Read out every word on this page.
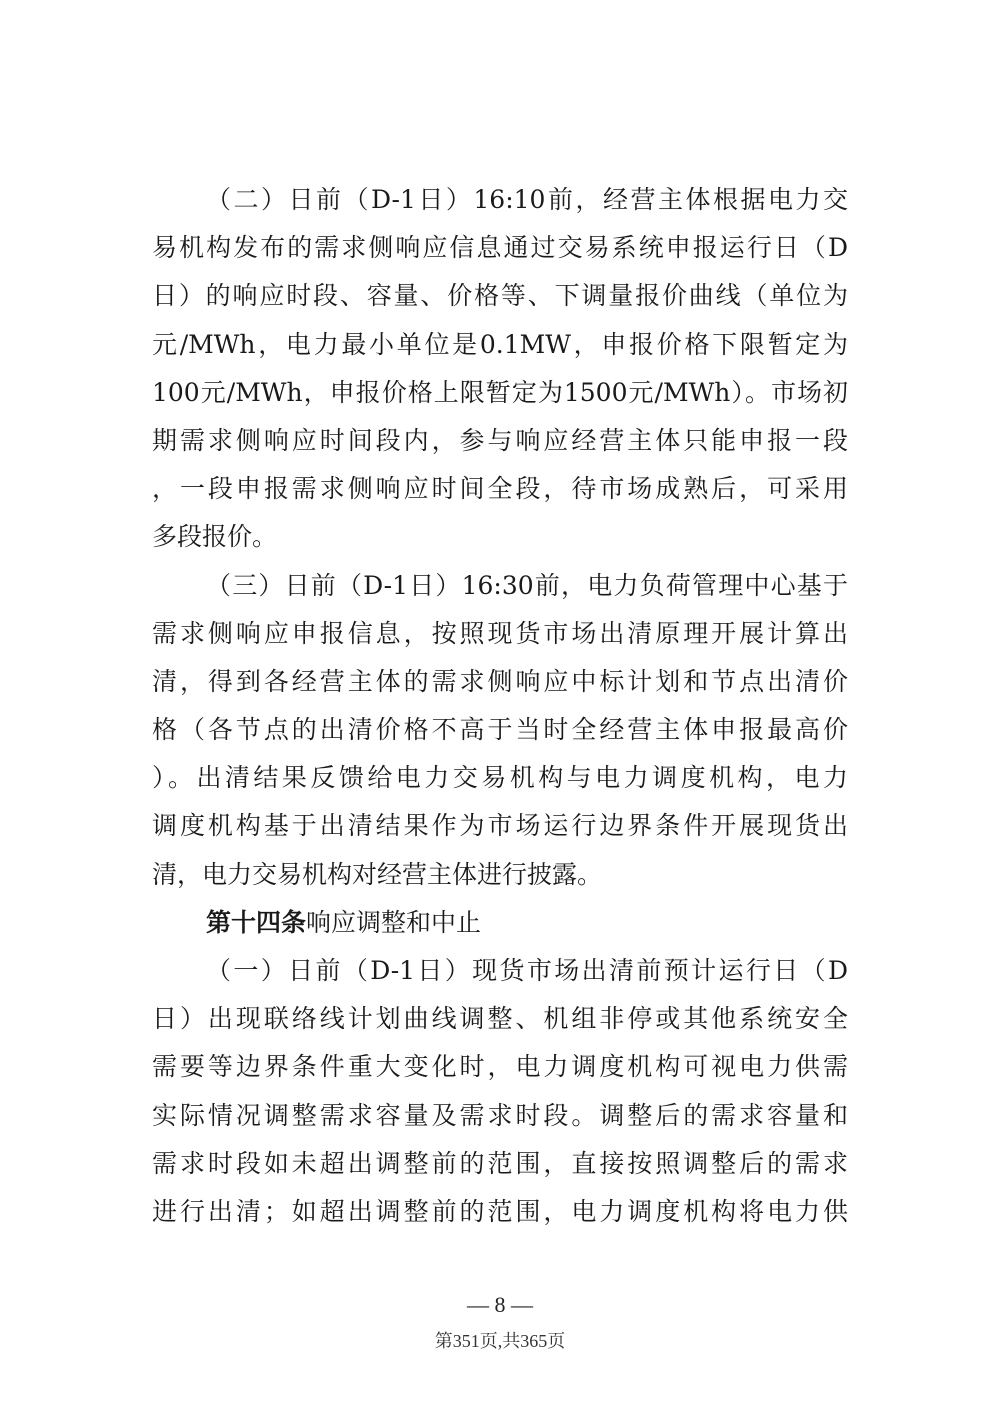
（二）日前（D-1日）16:10前，经营主体根据电力交
易机构发布的需求侧响应信息通过交易系统申报运行日（D
日）的响应时段、容量、价格等、下调量报价曲线（单位为
元/MWh，电力最小单位是0.1MW，申报价格下限暂定为
100元/MWh，申报价格上限暂定为1500元/MWh）。市场初
期需求侧响应时间段内，参与响应经营主体只能申报一段
，一段申报需求侧响应时间全段，待市场成熟后，可采用
多段报价。
（三）日前（D-1日）16:30前，电力负荷管理中心基于
需求侧响应申报信息，按照现货市场出清原理开展计算出
清，得到各经营主体的需求侧响应中标计划和节点出清价
格（各节点的出清价格不高于当时全经营主体申报最高价
）。出清结果反馈给电力交易机构与电力调度机构，电力
调度机构基于出清结果作为市场运行边界条件开展现货出
清，电力交易机构对经营主体进行披露。
第十四条响应调整和中止
（一）日前（D-1日）现货市场出清前预计运行日（D
日）出现联络线计划曲线调整、机组非停或其他系统安全
需要等边界条件重大变化时，电力调度机构可视电力供需
实际情况调整需求容量及需求时段。调整后的需求容量和
需求时段如未超出调整前的范围，直接按照调整后的需求
进行出清；如超出调整前的范围，电力调度机构将电力供
— 8 —
第351页,共365页
